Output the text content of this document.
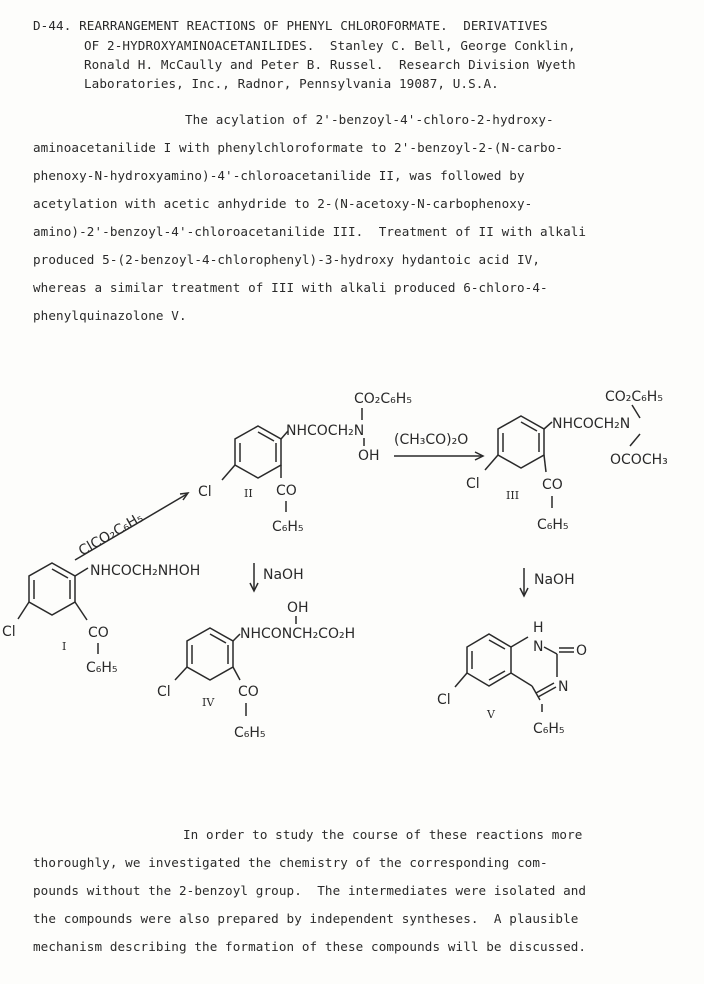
D-44. REARRANGEMENT REACTIONS OF PHENYL CHLOROFORMATE.  DERIVATIVES
OF 2-HYDROXYAMINOACETANILIDES.  Stanley C. Bell, George Conklin,
Ronald H. McCaully and Peter B. Russel.  Research Division Wyeth
Laboratories, Inc., Radnor, Pennsylvania 19087, U.S.A.
The acylation of 2'-benzoyl-4'-chloro-2-hydroxy-
aminoacetanilide I with phenylchloroformate to 2'-benzoyl-2-(N-carbo-
phenoxy-N-hydroxyamino)-4'-chloroacetanilide II, was followed by
acetylation with acetic anhydride to 2-(N-acetoxy-N-carbophenoxy-
amino)-2'-benzoyl-4'-chloroacetanilide III.  Treatment of II with alkali
produced 5-(2-benzoyl-4-chlorophenyl)-3-hydroxy hydantoic acid IV,
whereas a similar treatment of III with alkali produced 6-chloro-4-
phenylquinazolone V.
NHCOCH₂NHOH
Cl	CO
C₆H₅
I
ClCO₂C₆H₅
NHCOCH₂N
CO₂C₆H₅
OH
Cl	II CO
C₆H₅
(CH₃CO)₂O
NHCOCH₂N
CO₂C₆H₅
OCOCH₃
Cl
III
CO
C₆H₅
NaOH	NaOH
NHCONCH₂CO₂H
OH
Cl
IV
CO
C₆H₅
H
N O
N
Cl
V
C₆H₅
In order to study the course of these reactions more
thoroughly, we investigated the chemistry of the corresponding com-
pounds without the 2-benzoyl group.  The intermediates were isolated and
the compounds were also prepared by independent syntheses.  A plausible
mechanism describing the formation of these compounds will be discussed.
